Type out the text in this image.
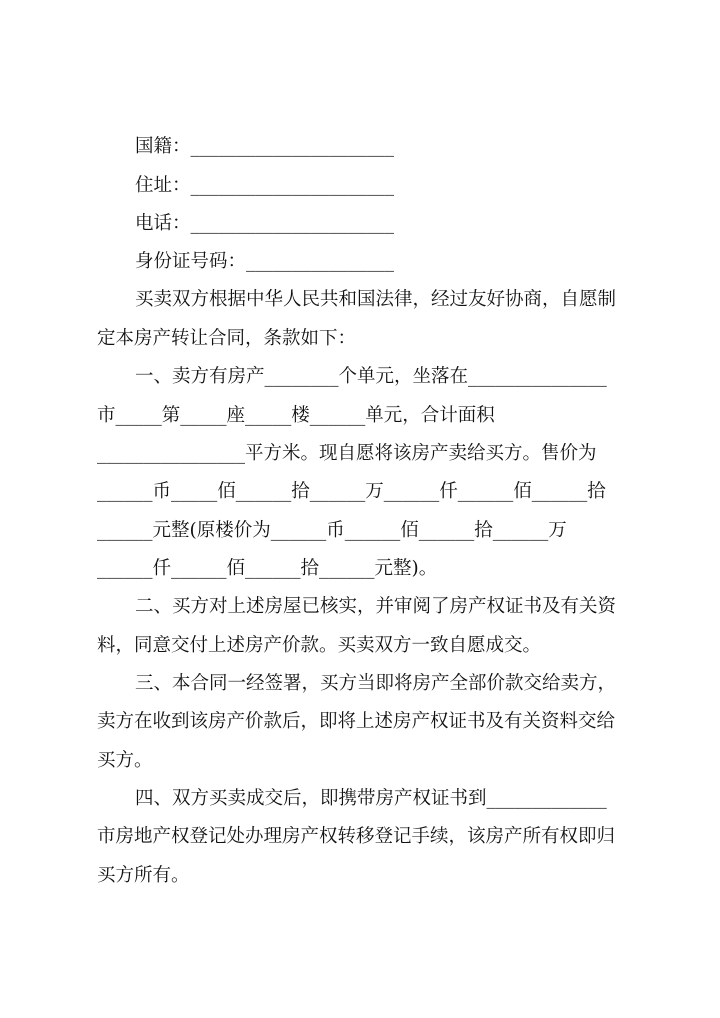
国籍：______________________
住址：______________________
电话：______________________
身份证号码：________________
买卖双方根据中华人民共和国法律，经过友好协商，自愿制
定本房产转让合同，条款如下：
一、卖方有房产________个单元，坐落在_______________
市_____第_____座_____楼______单元，合计面积
________________平方米。现自愿将该房产卖给买方。售价为
______币_____佰______拾______万______仟______佰______拾
______元整(原楼价为______币______佰______拾______万
______仟______佰______拾______元整)。
二、买方对上述房屋已核实，并审阅了房产权证书及有关资
料，同意交付上述房产价款。买卖双方一致自愿成交。
三、本合同一经签署，买方当即将房产全部价款交给卖方，
卖方在收到该房产价款后，即将上述房产权证书及有关资料交给
买方。
四、双方买卖成交后，即携带房产权证书到_____________
市房地产权登记处办理房产权转移登记手续，该房产所有权即归
买方所有。
